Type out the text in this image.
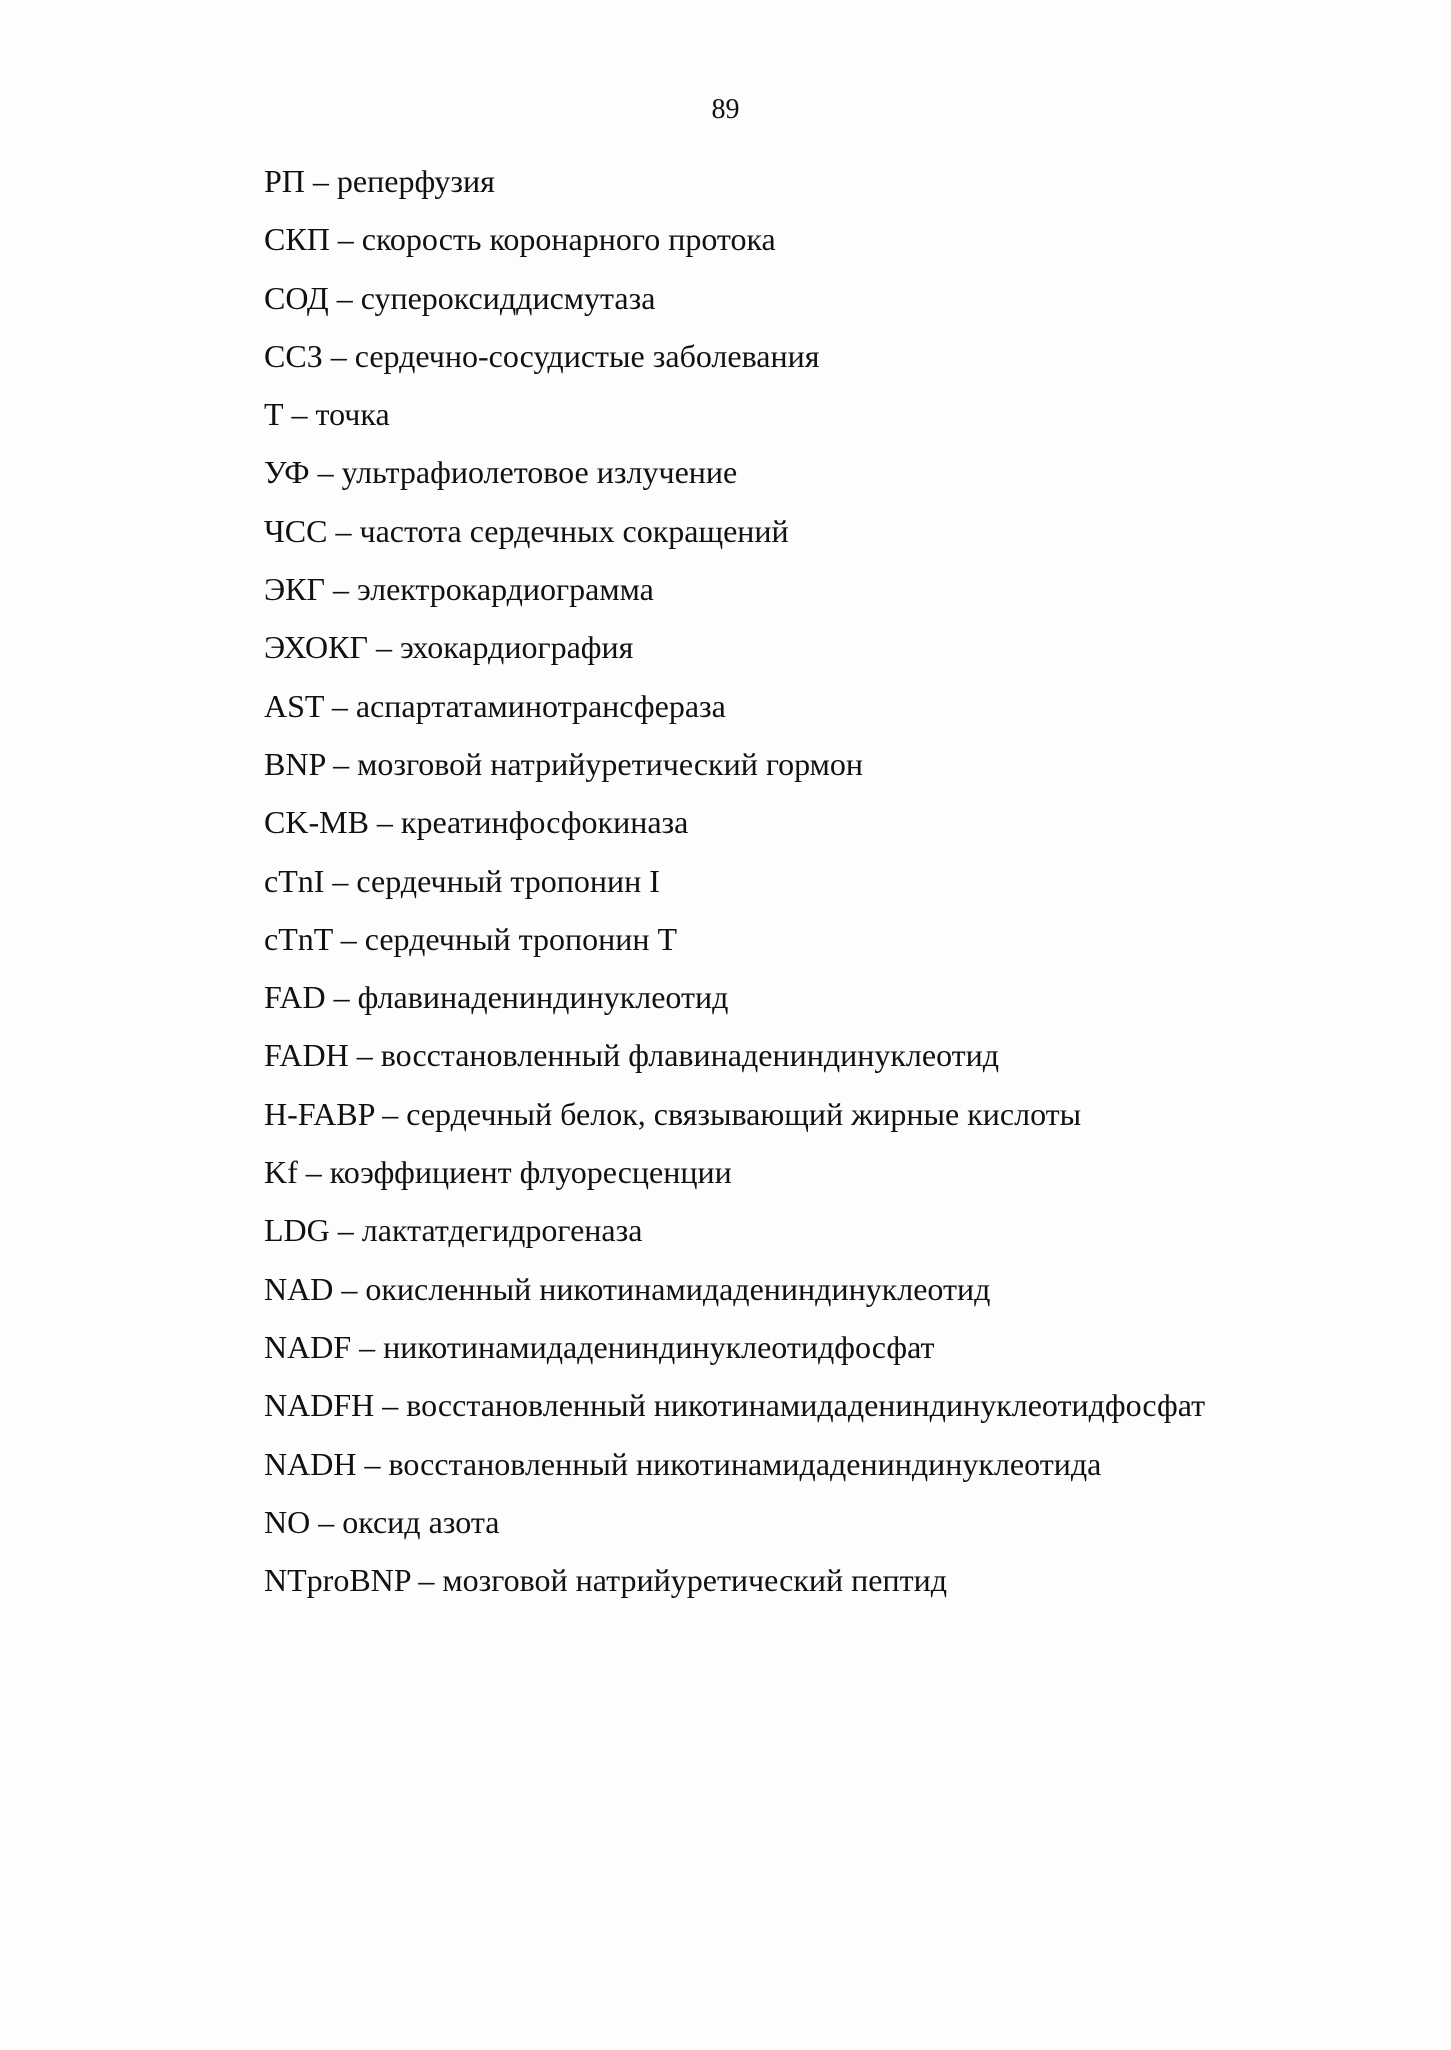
89
РП – реперфузия
СКП – скорость коронарного протока
СОД – супероксиддисмутаза
ССЗ – сердечно-сосудистые заболевания
Т – точка
УФ – ультрафиолетовое излучение
ЧСС – частота сердечных сокращений
ЭКГ – электрокардиограмма
ЭХОКГ – эхокардиография
AST – аспартатаминотрансфераза
BNP – мозговой натрийуретический гормон
CK-MB – креатинфосфокиназа
cTnI – сердечный тропонин I
cTnT – сердечный тропонин Т
FAD – флавинадениндинуклеотид
FADH – восстановленный флавинадениндинуклеотид
H-FABP – сердечный белок, связывающий жирные кислоты
Kf – коэффициент флуоресценции
LDG – лактатдегидрогеназа
NAD – окисленный никотинамидадениндинуклеотид
NADF – никотинамидадениндинуклеотидфосфат
NADFH – восстановленный никотинамидадениндинуклеотидфосфат
NADH – восстановленный никотинамидадениндинуклеотида
NO – оксид азота
NTproBNP – мозговой натрийуретический пептид
